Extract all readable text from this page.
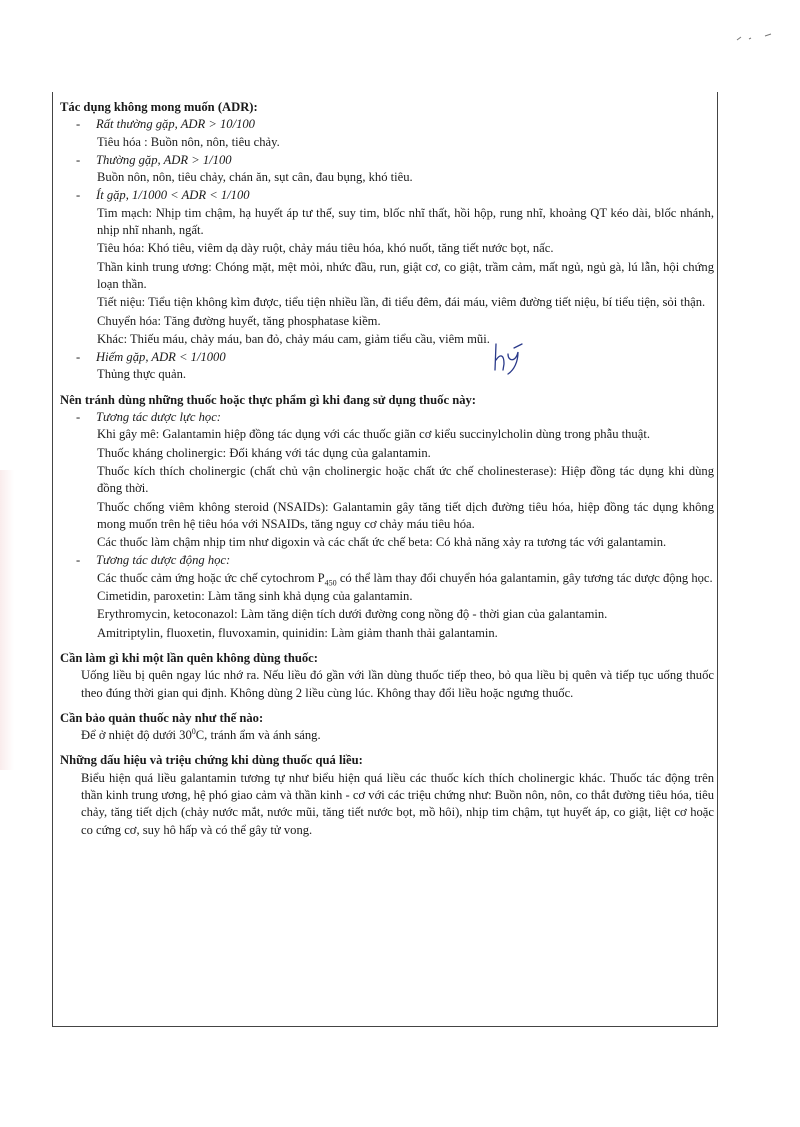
Tác dụng không mong muốn (ADR):

- Rất thường gặp, ADR > 10/100

Tiêu hóa : Buồn nôn, nôn, tiêu chảy.

- Thường gặp, ADR > 1/100

Buồn nôn, nôn, tiêu chảy, chán ăn, sụt cân, đau bụng, khó tiêu.

- Ít gặp, 1/1000 < ADR < 1/100

Tim mạch: Nhịp tim chậm, hạ huyết áp tư thế, suy tim, blốc nhĩ thất, hồi hộp, rung nhĩ, khoảng QT kéo dài, blốc nhánh, nhịp nhĩ nhanh, ngất.

Tiêu hóa: Khó tiêu, viêm dạ dày ruột, chảy máu tiêu hóa, khó nuốt, tăng tiết nước bọt, nấc.

Thần kinh trung ương: Chóng mặt, mệt mỏi, nhức đầu, run, giật cơ, co giật, trầm cảm, mất ngủ, ngủ gà, lú lẫn, hội chứng loạn thần.

Tiết niệu: Tiểu tiện không kìm được, tiểu tiện nhiều lần, đi tiểu đêm, đái máu, viêm đường tiết niệu, bí tiểu tiện, sỏi thận.

Chuyển hóa: Tăng đường huyết, tăng phosphatase kiềm.

Khác: Thiếu máu, chảy máu, ban đỏ, chảy máu cam, giảm tiểu cầu, viêm mũi.

- Hiếm gặp, ADR < 1/1000

Thủng thực quản.

Nên tránh dùng những thuốc hoặc thực phẩm gì khi đang sử dụng thuốc này:

- Tương tác dược lực học:

Khi gây mê: Galantamin hiệp đồng tác dụng với các thuốc giãn cơ kiểu succinylcholin dùng trong phẫu thuật.

Thuốc kháng cholinergic: Đối kháng với tác dụng của galantamin.

Thuốc kích thích cholinergic (chất chủ vận cholinergic hoặc chất ức chế cholinesterase): Hiệp đồng tác dụng khi dùng đồng thời.

Thuốc chống viêm không steroid (NSAIDs): Galantamin gây tăng tiết dịch đường tiêu hóa, hiệp đồng tác dụng không mong muốn trên hệ tiêu hóa với NSAIDs, tăng nguy cơ chảy máu tiêu hóa.

Các thuốc làm chậm nhịp tim như digoxin và các chất ức chế beta: Có khả năng xảy ra tương tác với galantamin.

- Tương tác dược động học:

Các thuốc cảm ứng hoặc ức chế cytochrom $P_{450}$ có thể làm thay đổi chuyển hóa galantamin, gây tương tác dược động học.

Cimetidin, paroxetin: Làm tăng sinh khả dụng của galantamin.

Erythromycin, ketoconazol: Làm tăng diện tích dưới đường cong nồng độ - thời gian của galantamin.

Amitriptylin, fluoxetin, fluvoxamin, quinidin: Làm giảm thanh thải galantamin.

Cần làm gì khi một lần quên không dùng thuốc:

Uống liều bị quên ngay lúc nhớ ra. Nếu liều đó gần với lần dùng thuốc tiếp theo, bỏ qua liều bị quên và tiếp tục uống thuốc theo đúng thời gian qui định. Không dùng 2 liều cùng lúc. Không thay đổi liều hoặc ngưng thuốc.

Cần bảo quản thuốc này như thế nào:

Để ở nhiệt độ dưới $30^0C$, tránh ẩm và ánh sáng.

Những dấu hiệu và triệu chứng khi dùng thuốc quá liều:

Biểu hiện quá liều galantamin tương tự như biểu hiện quá liều các thuốc kích thích cholinergic khác. Thuốc tác động trên thần kinh trung ương, hệ phó giao cảm và thần kinh - cơ với các triệu chứng như: Buồn nôn, nôn, co thắt đường tiêu hóa, tiêu chảy, tăng tiết dịch (chảy nước mắt, nước mũi, tăng tiết nước bọt, mồ hôi), nhịp tim chậm, tụt huyết áp, co giật, liệt cơ hoặc co cứng cơ, suy hô hấp và có thể gây tử vong.
